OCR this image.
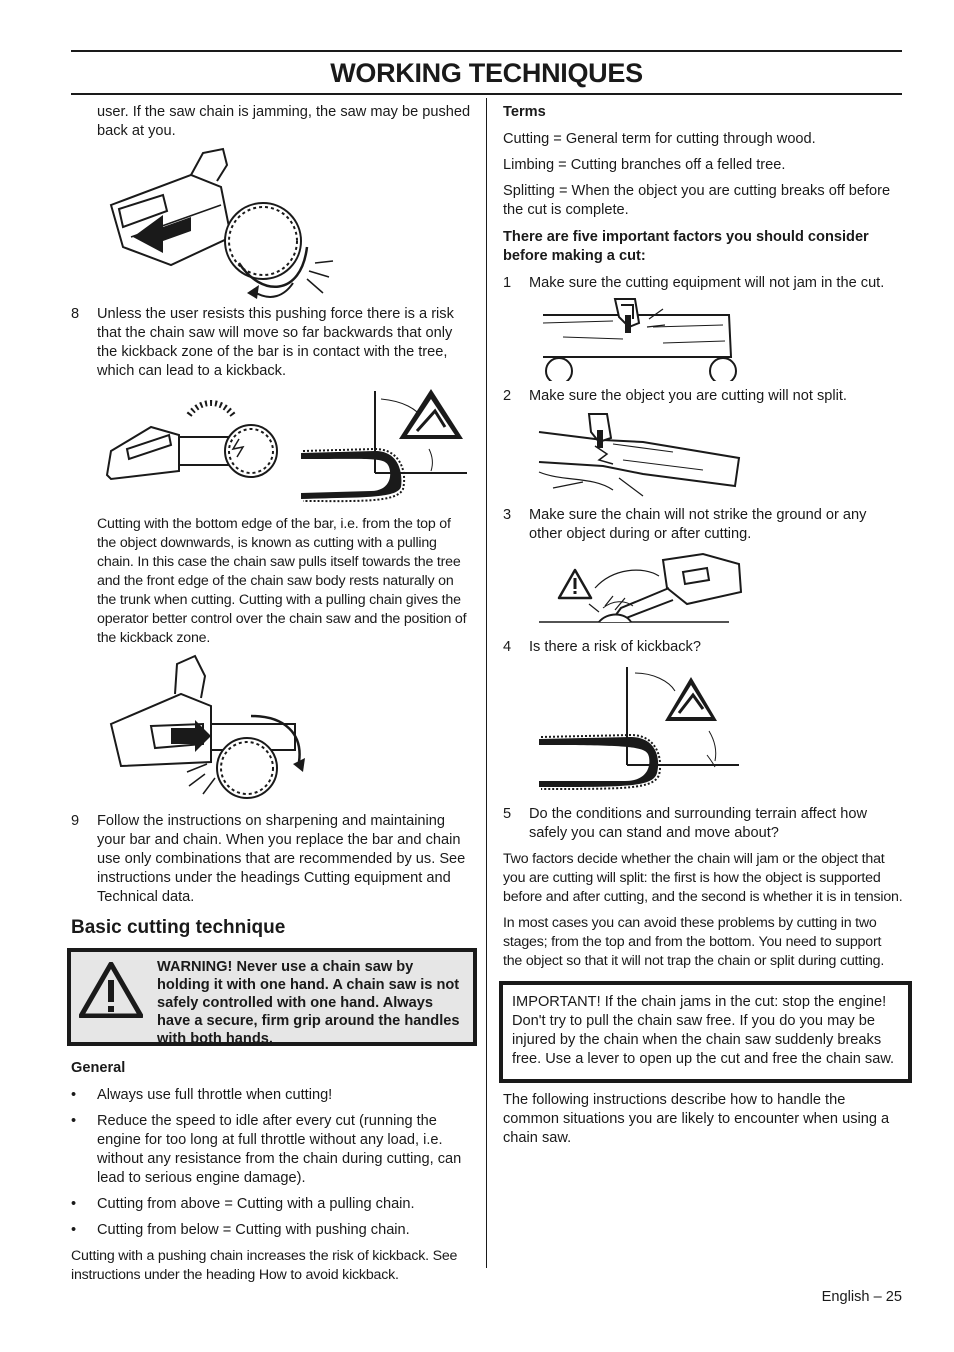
WORKING TECHNIQUES

user. If the saw chain is jamming, the saw may be pushed back at you.

8 Unless the user resists this pushing force there is a risk that the chain saw will move so far backwards that only the kickback zone of the bar is in contact with the tree, which can lead to a kickback.

Cutting with the bottom edge of the bar, i.e. from the top of the object downwards, is known as cutting with a pulling chain. In this case the chain saw pulls itself towards the tree and the front edge of the chain saw body rests naturally on the trunk when cutting. Cutting with a pulling chain gives the operator better control over the chain saw and the position of the kickback zone.

9 Follow the instructions on sharpening and maintaining your bar and chain. When you replace the bar and chain use only combinations that are recommended by us. See instructions under the headings Cutting equipment and Technical data.
Basic cutting technique
WARNING! Never use a chain saw by holding it with one hand. A chain saw is not safely controlled with one hand. Always have a secure, firm grip around the handles with both hands.

General

• Always use full throttle when cutting!
• Reduce the speed to idle after every cut (running the engine for too long at full throttle without any load, i.e. without any resistance from the chain during cutting, can lead to serious engine damage).
• Cutting from above = Cutting with a pulling chain.
• Cutting from below = Cutting with pushing chain.

Cutting with a pushing chain increases the risk of kickback. See instructions under the heading How to avoid kickback.

Terms

Cutting = General term for cutting through wood.

Limbing = Cutting branches off a felled tree.

Splitting = When the object you are cutting breaks off before the cut is complete.

There are five important factors you should consider before making a cut:

1 Make sure the cutting equipment will not jam in the cut.
2 Make sure the object you are cutting will not split.
3 Make sure the chain will not strike the ground or any other object during or after cutting.
4 Is there a risk of kickback?
5 Do the conditions and surrounding terrain affect how safely you can stand and move about?

Two factors decide whether the chain will jam or the object that you are cutting will split: the first is how the object is supported before and after cutting, and the second is whether it is in tension.

In most cases you can avoid these problems by cutting in two stages; from the top and from the bottom. You need to support the object so that it will not trap the chain or split during cutting.

IMPORTANT! If the chain jams in the cut: stop the engine! Don't try to pull the chain saw free. If you do you may be injured by the chain when the chain saw suddenly breaks free. Use a lever to open up the cut and free the chain saw.

The following instructions describe how to handle the common situations you are likely to encounter when using a chain saw.

English – 25
